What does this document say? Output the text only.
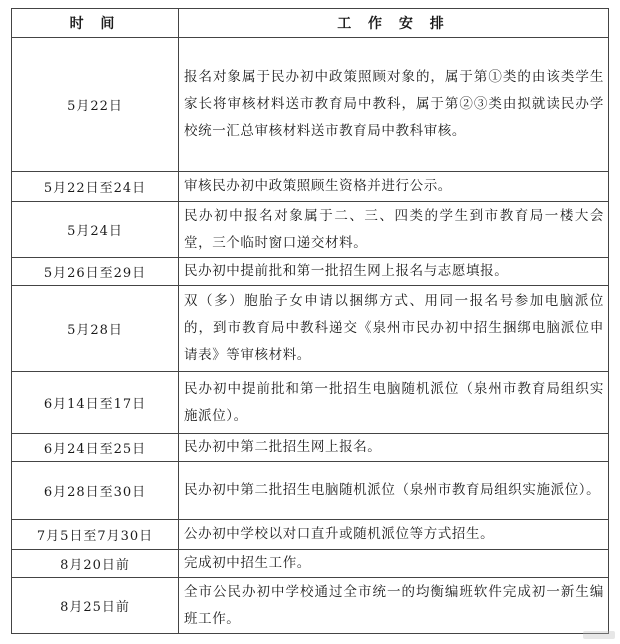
时 间	工 作 安 排
5月22日	报名对象属于民办初中政策照顾对象的，属于第①类的由该类学生家长将审核材料送市教育局中教科，属于第②③类由拟就读民办学校统一汇总审核材料送市教育局中教科审核。
5月22日至24日	审核民办初中政策照顾生资格并进行公示。
5月24日	民办初中报名对象属于二、三、四类的学生到市教育局一楼大会堂，三个临时窗口递交材料。
5月26日至29日	民办初中提前批和第一批招生网上报名与志愿填报。
5月28日	双（多）胞胎子女申请以捆绑方式、用同一报名号参加电脑派位的，到市教育局中教科递交《泉州市民办初中招生捆绑电脑派位申请表》等审核材料。
6月14日至17日	民办初中提前批和第一批招生电脑随机派位（泉州市教育局组织实施派位）。
6月24日至25日	民办初中第二批招生网上报名。
6月28日至30日	民办初中第二批招生电脑随机派位（泉州市教育局组织实施派位）。
7月5日至7月30日	公办初中学校以对口直升或随机派位等方式招生。
8月20日前	完成初中招生工作。
8月25日前	全市公民办初中学校通过全市统一的均衡编班软件完成初一新生编班工作。
